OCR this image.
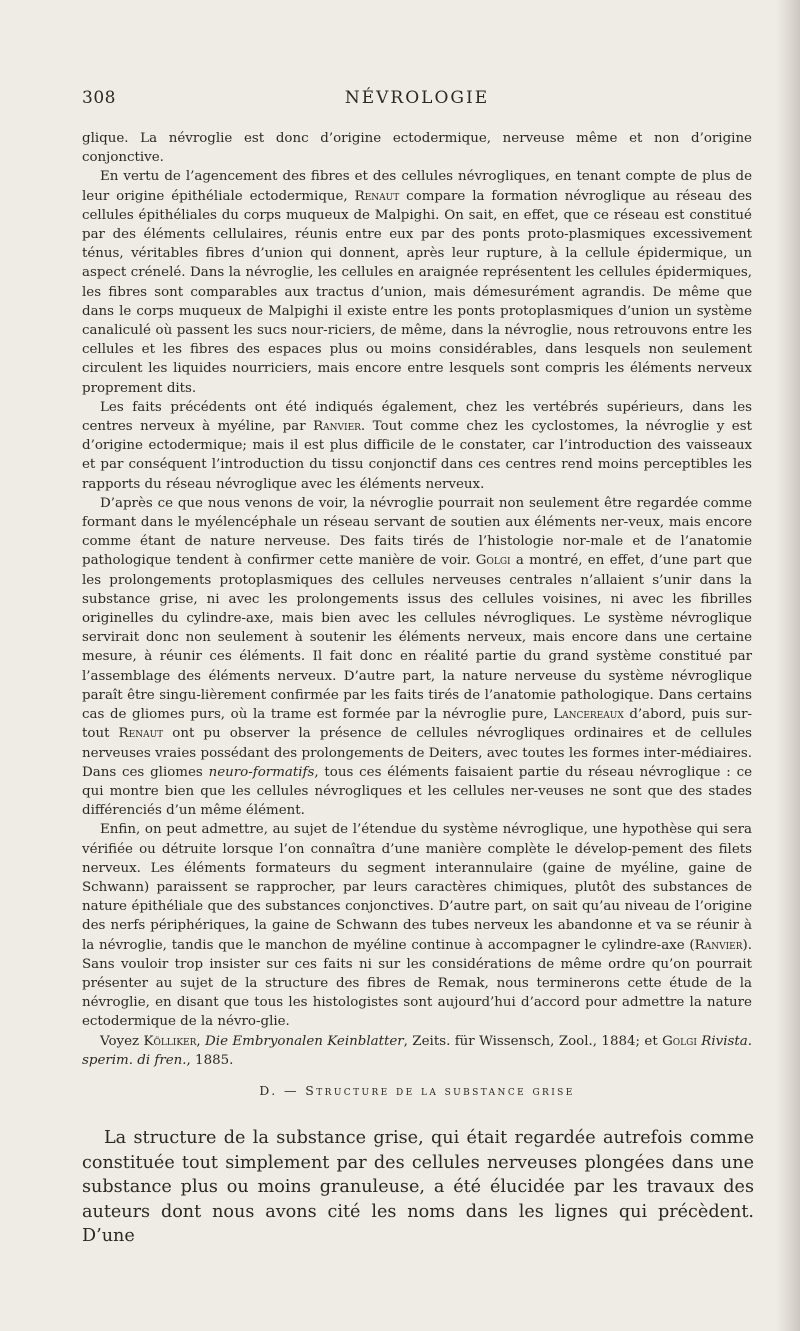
308	NÉVROLOGIE

glique. La névroglie est donc d’origine ectodermique, nerveuse même et non d’origine conjonctive.

En vertu de l’agencement des fibres et des cellules névrogliques, en tenant compte de plus de leur origine épithéliale ectodermique, Renaut compare la formation névroglique au réseau des cellules épithéliales du corps muqueux de Malpighi. On sait, en effet, que ce réseau est constitué par des éléments cellulaires, réunis entre eux par des ponts proto-plasmiques excessivement ténus, véritables fibres d’union qui donnent, après leur rupture, à la cellule épidermique, un aspect crénelé. Dans la névroglie, les cellules en araignée représentent les cellules épidermiques, les fibres sont comparables aux tractus d’union, mais démesurément agrandis. De même que dans le corps muqueux de Malpighi il existe entre les ponts protoplasmiques d’union un système canaliculé où passent les sucs nour-riciers, de même, dans la névroglie, nous retrouvons entre les cellules et les fibres des espaces plus ou moins considérables, dans lesquels non seulement circulent les liquides nourriciers, mais encore entre lesquels sont compris les éléments nerveux proprement dits.

Les faits précédents ont été indiqués également, chez les vertébrés supérieurs, dans les centres nerveux à myéline, par Ranvier. Tout comme chez les cyclostomes, la névroglie y est d’origine ectodermique; mais il est plus difficile de le constater, car l’introduction des vaisseaux et par conséquent l’introduction du tissu conjonctif dans ces centres rend moins perceptibles les rapports du réseau névroglique avec les éléments nerveux.

D’après ce que nous venons de voir, la névroglie pourrait non seulement être regardée comme formant dans le myélencéphale un réseau servant de soutien aux éléments ner-veux, mais encore comme étant de nature nerveuse. Des faits tirés de l’histologie nor-male et de l’anatomie pathologique tendent à confirmer cette manière de voir. Golgi a montré, en effet, d’une part que les prolongements protoplasmiques des cellules nerveuses centrales n’allaient s’unir dans la substance grise, ni avec les prolongements issus des cellules voisines, ni avec les fibrilles originelles du cylindre-axe, mais bien avec les cellules névrogliques. Le système névroglique servirait donc non seulement à soutenir les éléments nerveux, mais encore dans une certaine mesure, à réunir ces éléments. Il fait donc en réalité partie du grand système constitué par l’assemblage des éléments nerveux. D’autre part, la nature nerveuse du système névroglique paraît être singu-lièrement confirmée par les faits tirés de l’anatomie pathologique. Dans certains cas de gliomes purs, où la trame est formée par la névroglie pure, Lancereaux d’abord, puis sur-tout Renaut ont pu observer la présence de cellules névrogliques ordinaires et de cellules nerveuses vraies possédant des prolongements de Deiters, avec toutes les formes inter-médiaires. Dans ces gliomes neuro-formatifs, tous ces éléments faisaient partie du réseau névroglique : ce qui montre bien que les cellules névrogliques et les cellules ner-veuses ne sont que des stades différenciés d’un même élément.

Enfin, on peut admettre, au sujet de l’étendue du système névroglique, une hypothèse qui sera vérifiée ou détruite lorsque l’on connaîtra d’une manière complète le dévelop-pement des filets nerveux. Les éléments formateurs du segment interannulaire (gaine de myéline, gaine de Schwann) paraissent se rapprocher, par leurs caractères chimiques, plutôt des substances de nature épithéliale que des substances conjonctives. D’autre part, on sait qu’au niveau de l’origine des nerfs périphériques, la gaine de Schwann des tubes nerveux les abandonne et va se réunir à la névroglie, tandis que le manchon de myéline continue à accompagner le cylindre-axe (Ranvier). Sans vouloir trop insister sur ces faits ni sur les considérations de même ordre qu’on pourrait présenter au sujet de la structure des fibres de Remak, nous terminerons cette étude de la névroglie, en disant que tous les histologistes sont aujourd’hui d’accord pour admettre la nature ectodermique de la névro-glie.

Voyez Kölliker, Die Embryonalen Keinblatter, Zeits. für Wissensch, Zool., 1884; et Golgi Rivista. sperim. di fren., 1885.

D. — Structure de la substance grise

La structure de la substance grise, qui était regardée autrefois comme constituée tout simplement par des cellules nerveuses plongées dans une substance plus ou moins granuleuse, a été élucidée par les travaux des auteurs dont nous avons cité les noms dans les lignes qui précèdent. D’une
